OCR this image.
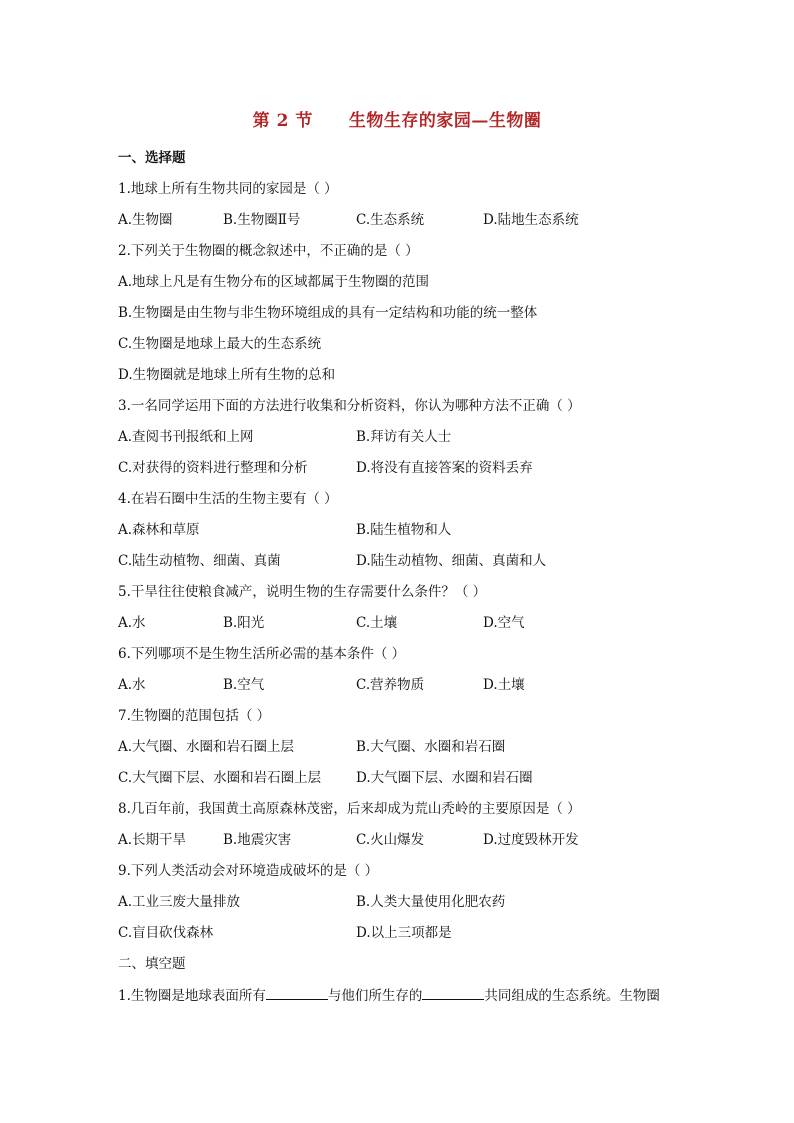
第 2 节 生物生存的家园—生物圈
一、选择题
1.地球上所有生物共同的家园是（ ）
A.生物圈	B.生物圈Ⅱ号	C.生态系统	D.陆地生态系统
2.下列关于生物圈的概念叙述中，不正确的是（ ）
A.地球上凡是有生物分布的区域都属于生物圈的范围
B.生物圈是由生物与非生物环境组成的具有一定结构和功能的统一整体
C.生物圈是地球上最大的生态系统
D.生物圈就是地球上所有生物的总和
3.一名同学运用下面的方法进行收集和分析资料，你认为哪种方法不正确（ ）
A.查阅书刊报纸和上网	B.拜访有关人士
C.对获得的资料进行整理和分析	D.将没有直接答案的资料丢弃
4.在岩石圈中生活的生物主要有（ ）
A.森林和草原	B.陆生植物和人
C.陆生动植物、细菌、真菌	D.陆生动植物、细菌、真菌和人
5.干旱往往使粮食减产，说明生物的生存需要什么条件？（ ）
A.水	B.阳光	C.土壤	D.空气
6.下列哪项不是生物生活所必需的基本条件（ ）
A.水	B.空气	C.营养物质	D.土壤
7.生物圈的范围包括（ ）
A.大气圈、水圈和岩石圈上层	B.大气圈、水圈和岩石圈
C.大气圈下层、水圈和岩石圈上层	D.大气圈下层、水圈和岩石圈
8.几百年前，我国黄土高原森林茂密，后来却成为荒山秃岭的主要原因是（ ）
A.长期干旱	B.地震灾害	C.火山爆发	D.过度毁林开发
9.下列人类活动会对环境造成破坏的是（ ）
A.工业三废大量排放	B.人类大量使用化肥农药
C.盲目砍伐森林	D.以上三项都是
二、填空题
1.生物圈是地球表面所有	与他们所生存的	共同组成的生态系统。生物圈
